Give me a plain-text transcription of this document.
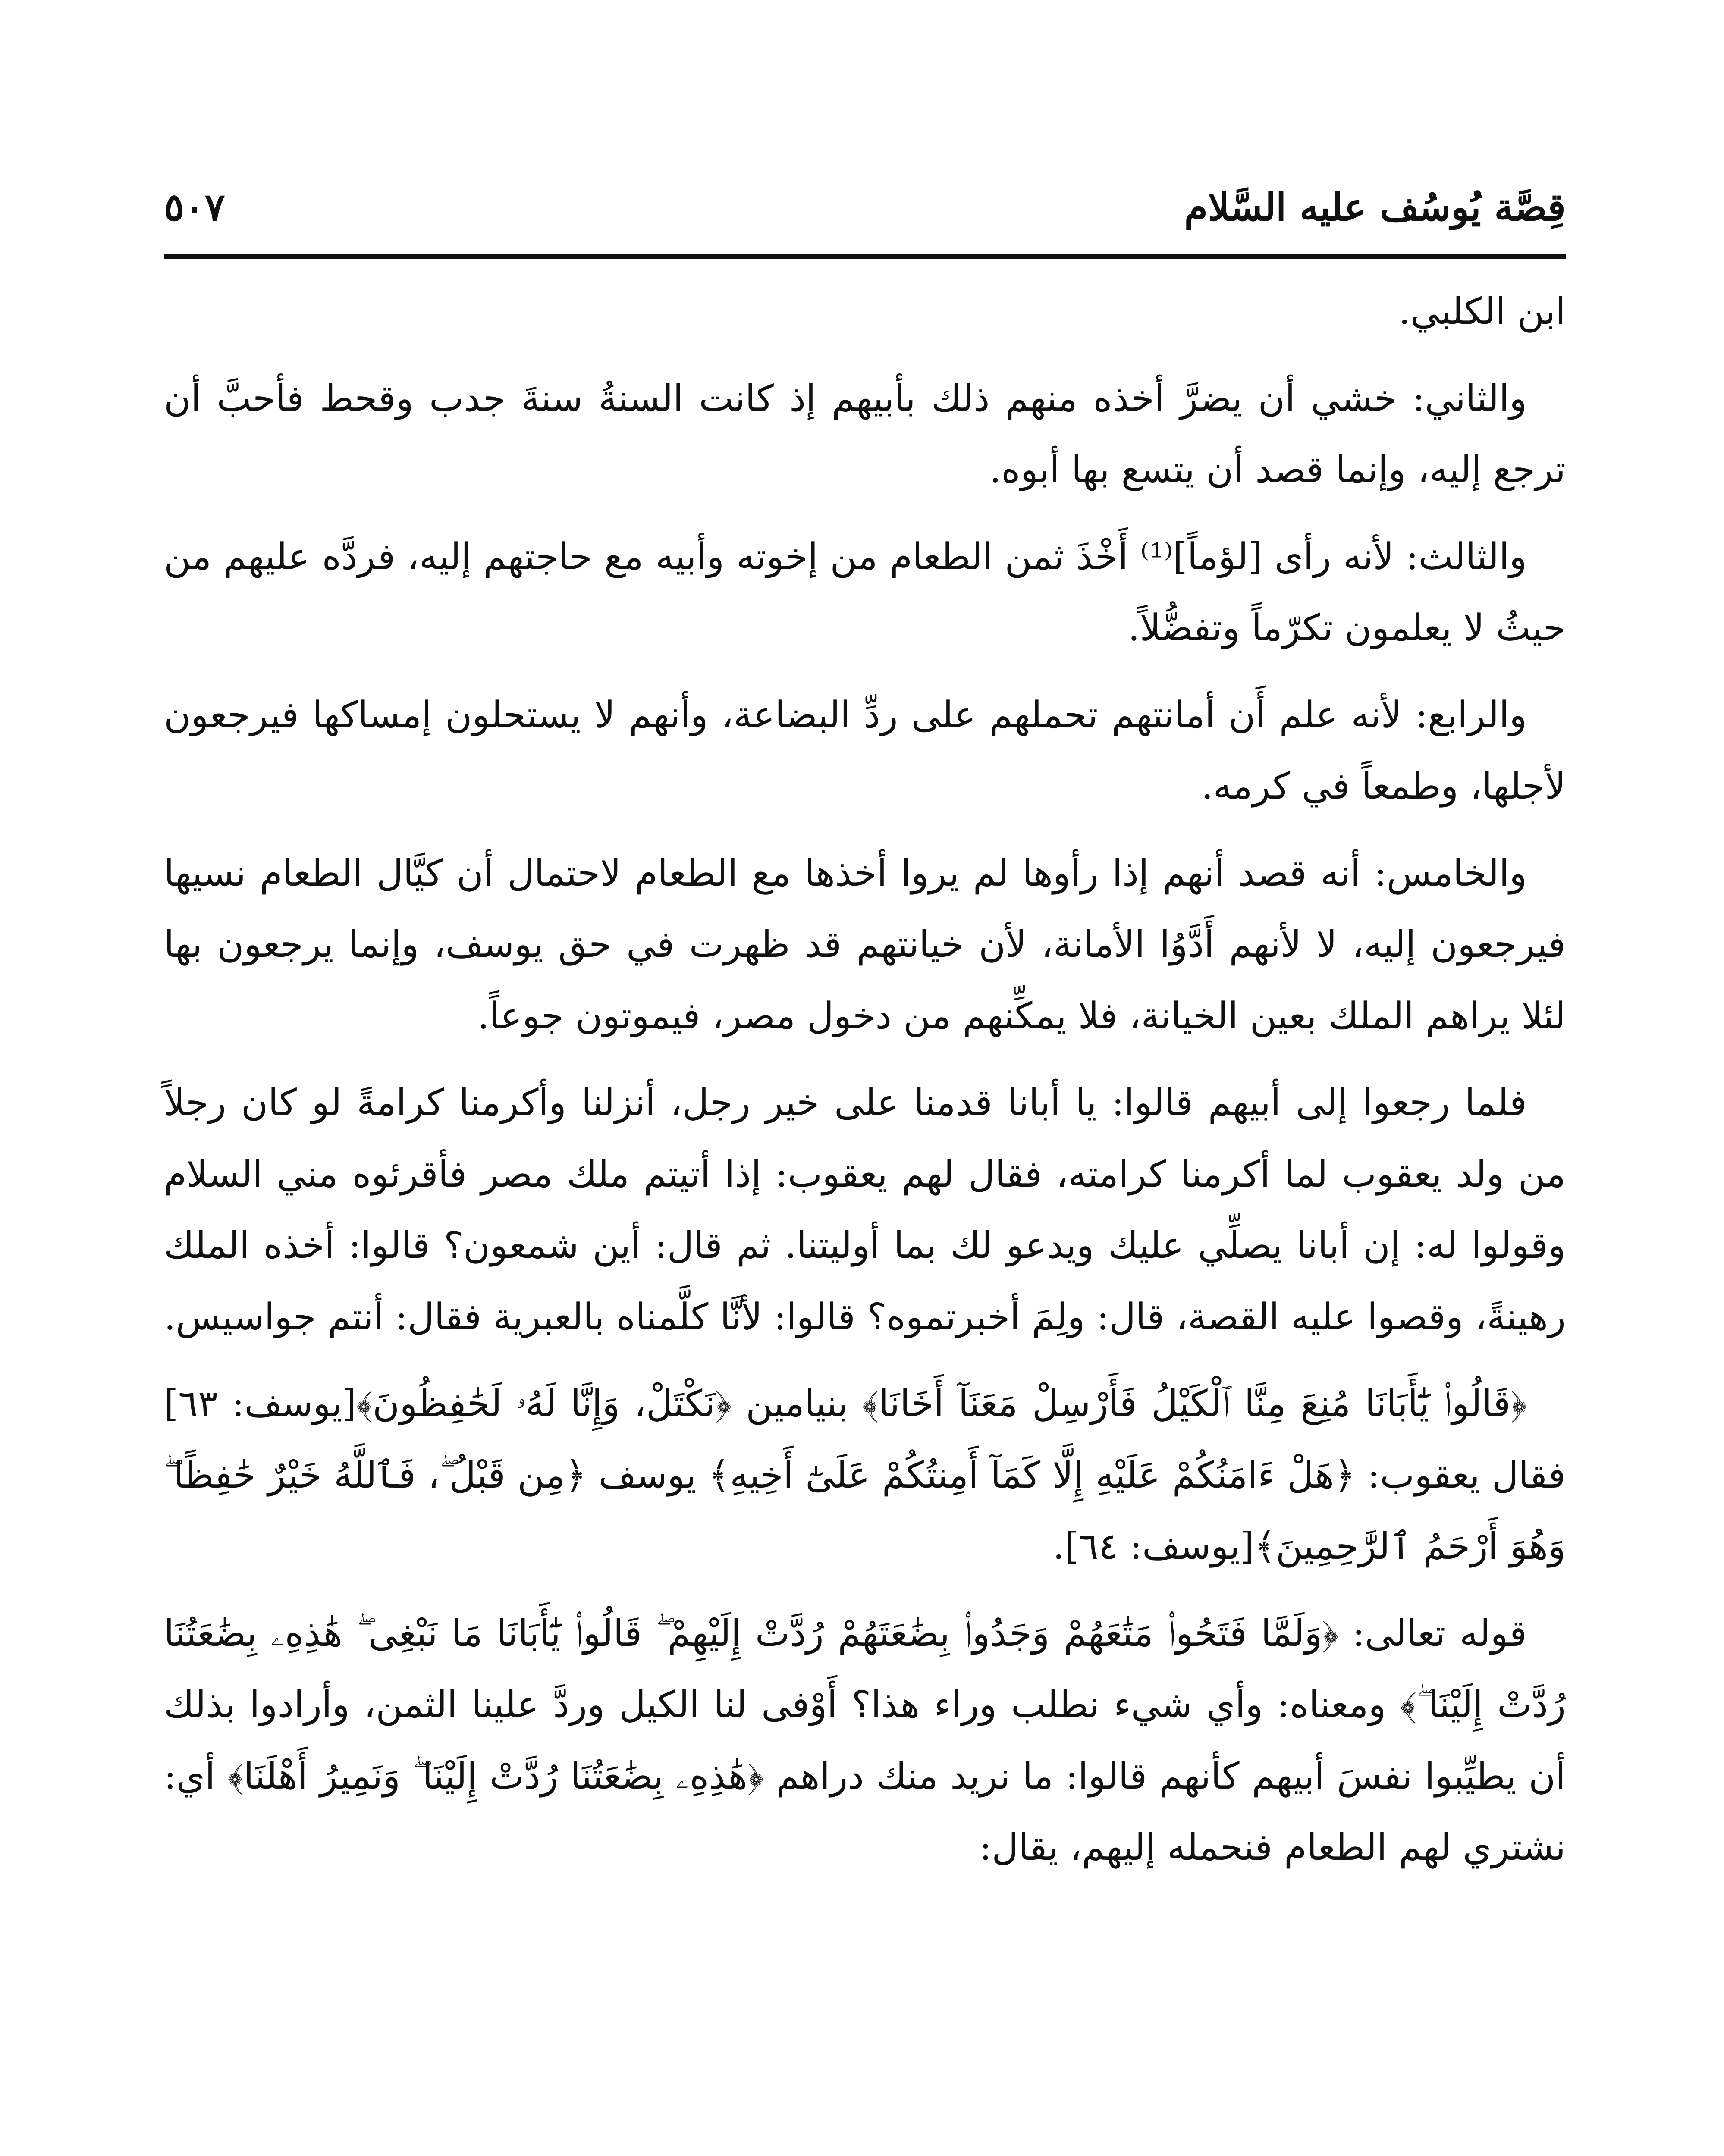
قِصَّة يُوسُف عليه السَّلام
٥٠٧

ابن الكلبي.

والثاني: خشي أن يضرَّ أخذه منهم ذلك بأبيهم إذ كانت السنةُ سنةَ جدب وقحط فأحبَّ أن ترجع إليه، وإنما قصد أن يتسع بها أبوه.

والثالث: لأنه رأى [لؤماً]⁽¹⁾ أَخْذَ ثمن الطعام من إخوته وأبيه مع حاجتهم إليه، فردَّه عليهم من حيثُ لا يعلمون تكرّماً وتفضُّلاً.

والرابع: لأنه علم أَن أمانتهم تحملهم على ردِّ البضاعة، وأنهم لا يستحلون إمساكها فيرجعون لأجلها، وطمعاً في كرمه.

والخامس: أنه قصد أنهم إذا رأوها لم يروا أخذها مع الطعام لاحتمال أن كيَّال الطعام نسيها فيرجعون إليه، لا لأنهم أَدَّوُا الأمانة، لأن خيانتهم قد ظهرت في حق يوسف، وإنما يرجعون بها لئلا يراهم الملك بعين الخيانة، فلا يمكِّنهم من دخول مصر، فيموتون جوعاً.

فلما رجعوا إلى أبيهم قالوا: يا أبانا قدمنا على خير رجل، أنزلنا وأكرمنا كرامةً لو كان رجلاً من ولد يعقوب لما أكرمنا كرامته، فقال لهم يعقوب: إذا أتيتم ملك مصر فأقرئوه مني السلام وقولوا له: إن أبانا يصلِّي عليك ويدعو لك بما أوليتنا. ثم قال: أين شمعون؟ قالوا: أخذه الملك رهينةً، وقصوا عليه القصة، قال: ولِمَ أخبرتموه؟ قالوا: لأنَّا كلَّمناه بالعبرية فقال: أنتم جواسيس.

﴿قَالُوا۟ يَٰٓأَبَانَا مُنِعَ مِنَّا ٱلْكَيْلُ فَأَرْسِلْ مَعَنَآ أَخَانَا﴾ بنيامين ﴿نَكْتَلْ، وَإِنَّا لَهُۥ لَحَٰفِظُونَ﴾[يوسف: ٦٣] فقال يعقوب: ﴿هَلْ ءَامَنُكُمْ عَلَيْهِ إِلَّا كَمَآ أَمِنتُكُمْ عَلَىٰٓ أَخِيهِ﴾ يوسف ﴿مِن قَبْلُ ۖ، فَٱللَّهُ خَيْرٌ حَٰفِظًا ۖ وَهُوَ أَرْحَمُ ٱلرَّٰحِمِينَ﴾[يوسف: ٦٤].

قوله تعالى: ﴿وَلَمَّا فَتَحُوا۟ مَتَٰعَهُمْ وَجَدُوا۟ بِضَٰعَتَهُمْ رُدَّتْ إِلَيْهِمْ ۖ قَالُوا۟ يَٰٓأَبَانَا مَا نَبْغِى ۖ هَٰذِهِۦ بِضَٰعَتُنَا رُدَّتْ إِلَيْنَا ۖ﴾ ومعناه: وأي شيء نطلب وراء هذا؟ أَوْفى لنا الكيل وردَّ علينا الثمن، وأرادوا بذلك أن يطيِّبوا نفسَ أبيهم كأنهم قالوا: ما نريد منك دراهم ﴿هَٰذِهِۦ بِضَٰعَتُنَا رُدَّتْ إِلَيْنَا ۖ وَنَمِيرُ أَهْلَنَا﴾ أي: نشتري لهم الطعام فنحمله إليهم، يقال:
